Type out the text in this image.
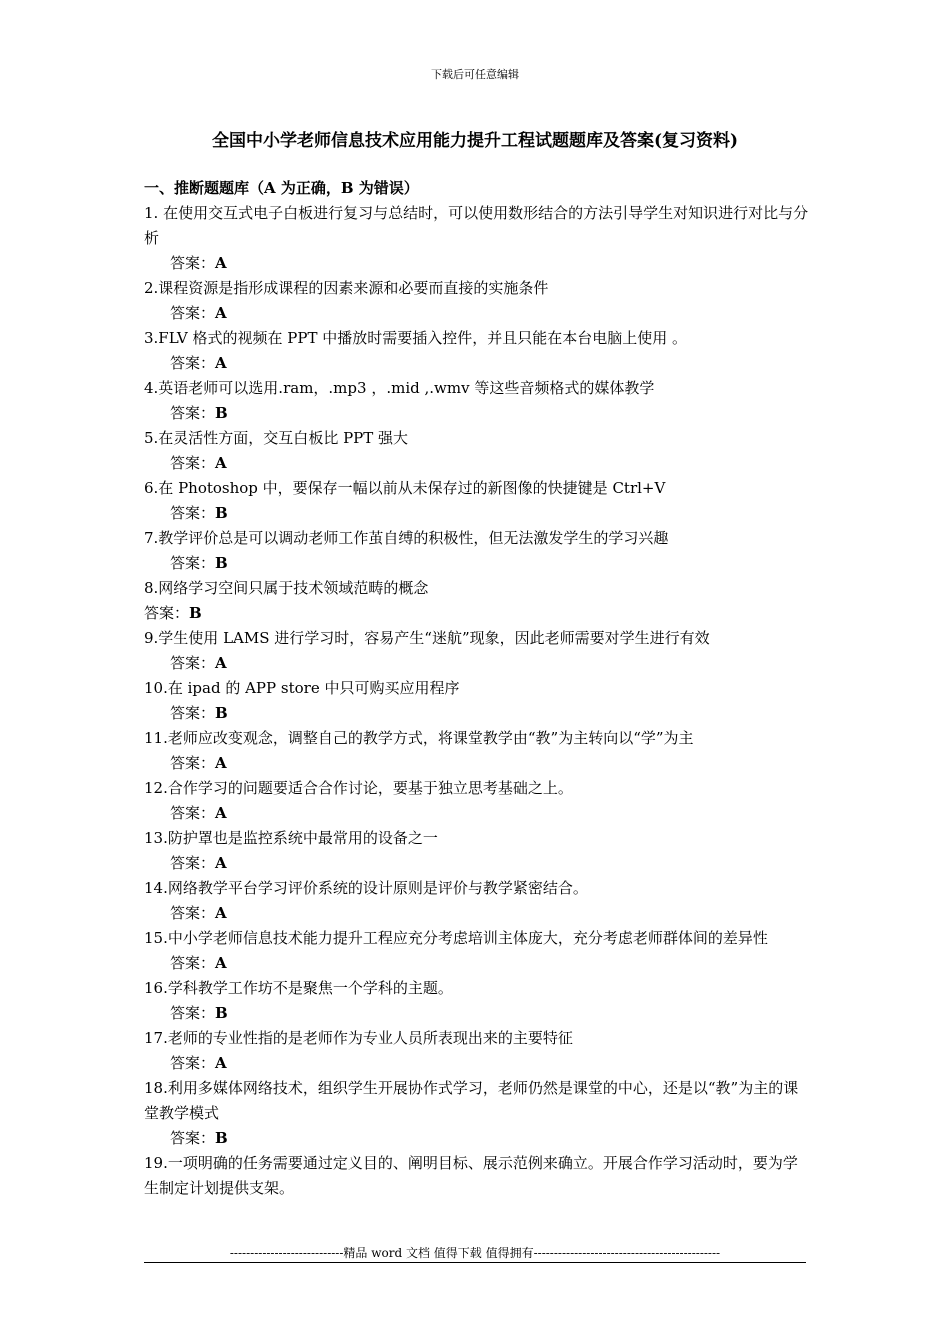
下载后可任意编辑
全国中小学老师信息技术应用能力提升工程试题题库及答案(复习资料)
一、推断题题库（A 为正确，B 为错误）

1. 在使用交互式电子白板进行复习与总结时，可以使用数形结合的方法引导学生对知识进行对比与分析

答案：A

2.课程资源是指形成课程的因素来源和必要而直接的实施条件

答案：A

3.FLV 格式的视频在 PPT 中播放时需要插入控件，并且只能在本台电脑上使用 。

答案：A

4.英语老师可以选用.ram，.mp3 ，.mid ,.wmv 等这些音频格式的媒体教学

答案：B

5.在灵活性方面，交互白板比 PPT 强大

答案：A

6.在 Photoshop 中，要保存一幅以前从未保存过的新图像的快捷键是 Ctrl+V

答案：B

7.教学评价总是可以调动老师工作茧自缚的积极性，但无法激发学生的学习兴趣

答案：B

8.网络学习空间只属于技术领域范畴的概念

答案：B

9.学生使用 LAMS 进行学习时，容易产生“迷航”现象，因此老师需要对学生进行有效

答案：A

10.在 ipad 的 APP store 中只可购买应用程序

答案：B

11.老师应改变观念，调整自己的教学方式，将课堂教学由“教”为主转向以“学”为主

答案：A

12.合作学习的问题要适合合作讨论，要基于独立思考基础之上。

答案：A

13.防护罩也是监控系统中最常用的设备之一

答案：A

14.网络教学平台学习评价系统的设计原则是评价与教学紧密结合。

答案：A

15.中小学老师信息技术能力提升工程应充分考虑培训主体庞大，充分考虑老师群体间的差异性

答案：A

16.学科教学工作坊不是聚焦一个学科的主题。

答案：B

17.老师的专业性指的是老师作为专业人员所表现出来的主要特征

答案：A

18.利用多媒体网络技术，组织学生开展协作式学习，老师仍然是课堂的中心，还是以“教”为主的课堂教学模式

答案：B

19.一项明确的任务需要通过定义目的、阐明目标、展示范例来确立。开展合作学习活动时，要为学生制定计划提供支架。

----------------------------精品 word 文档 值得下载 值得拥有----------------------------------------------
